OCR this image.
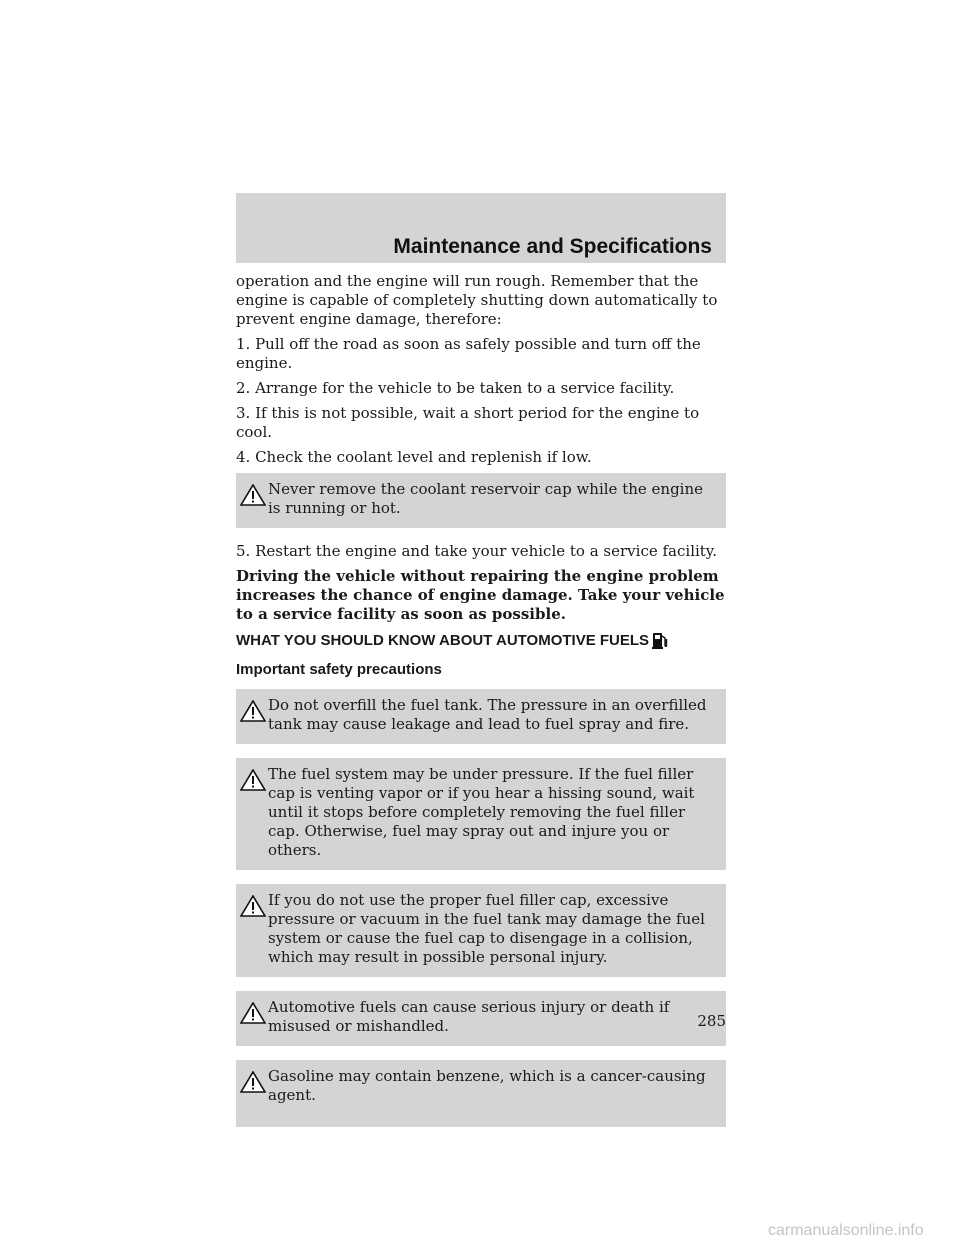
Maintenance and Specifications

operation and the engine will run rough. Remember that the engine is capable of completely shutting down automatically to prevent engine damage, therefore:

1. Pull off the road as soon as safely possible and turn off the engine.

2. Arrange for the vehicle to be taken to a service facility.

3. If this is not possible, wait a short period for the engine to cool.

4. Check the coolant level and replenish if low.

Never remove the coolant reservoir cap while the engine is running or hot.

5. Restart the engine and take your vehicle to a service facility.

Driving the vehicle without repairing the engine problem increases the chance of engine damage. Take your vehicle to a service facility as soon as possible.

WHAT YOU SHOULD KNOW ABOUT AUTOMOTIVE FUELS
Important safety precautions
Do not overfill the fuel tank. The pressure in an overfilled tank may cause leakage and lead to fuel spray and fire.
The fuel system may be under pressure. If the fuel filler cap is venting vapor or if you hear a hissing sound, wait until it stops before completely removing the fuel filler cap. Otherwise, fuel may spray out and injure you or others.
If you do not use the proper fuel filler cap, excessive pressure or vacuum in the fuel tank may damage the fuel system or cause the fuel cap to disengage in a collision, which may result in possible personal injury.
Automotive fuels can cause serious injury or death if misused or mishandled.
Gasoline may contain benzene, which is a cancer-causing agent.
285
carmanualsonline.info
